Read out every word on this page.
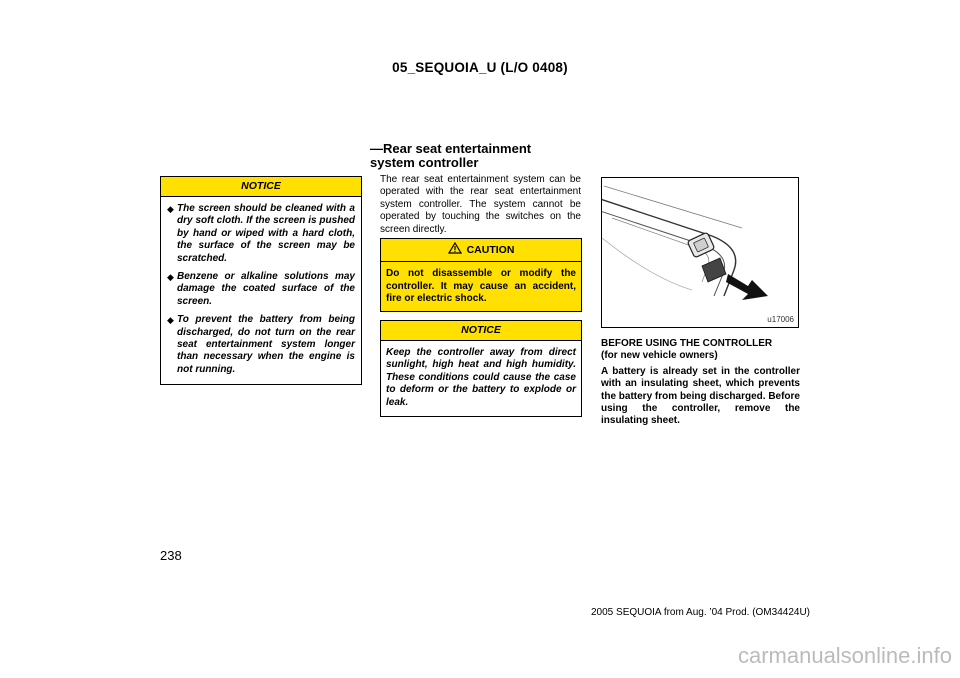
05_SEQUOIA_U (L/O 0408)
NOTICE
◆ The screen should be cleaned with a dry soft cloth. If the screen is pushed by hand or wiped with a hard cloth, the surface of the screen may be scratched.
◆ Benzene or alkaline solutions may damage the coated surface of the screen.
◆ To prevent the battery from being discharged, do not turn on the rear seat entertainment system longer than necessary when the engine is not running.
—Rear seat entertainment
system controller
The rear seat entertainment system can be operated with the rear seat entertainment system controller. The system cannot be operated by touching the switches on the screen directly.
CAUTION
Do not disassemble or modify the controller. It may cause an accident, fire or electric shock.
NOTICE
Keep the controller away from direct sunlight, high heat and high humidity. These conditions could cause the case to deform or the battery to explode or leak.
u17006
BEFORE USING THE CONTROLLER
(for new vehicle owners)
A battery is already set in the controller with an insulating sheet, which prevents the battery from being discharged. Before using the controller, remove the insulating sheet.
238
2005 SEQUOIA from Aug. ’04 Prod. (OM34424U)
carmanualsonline.info
